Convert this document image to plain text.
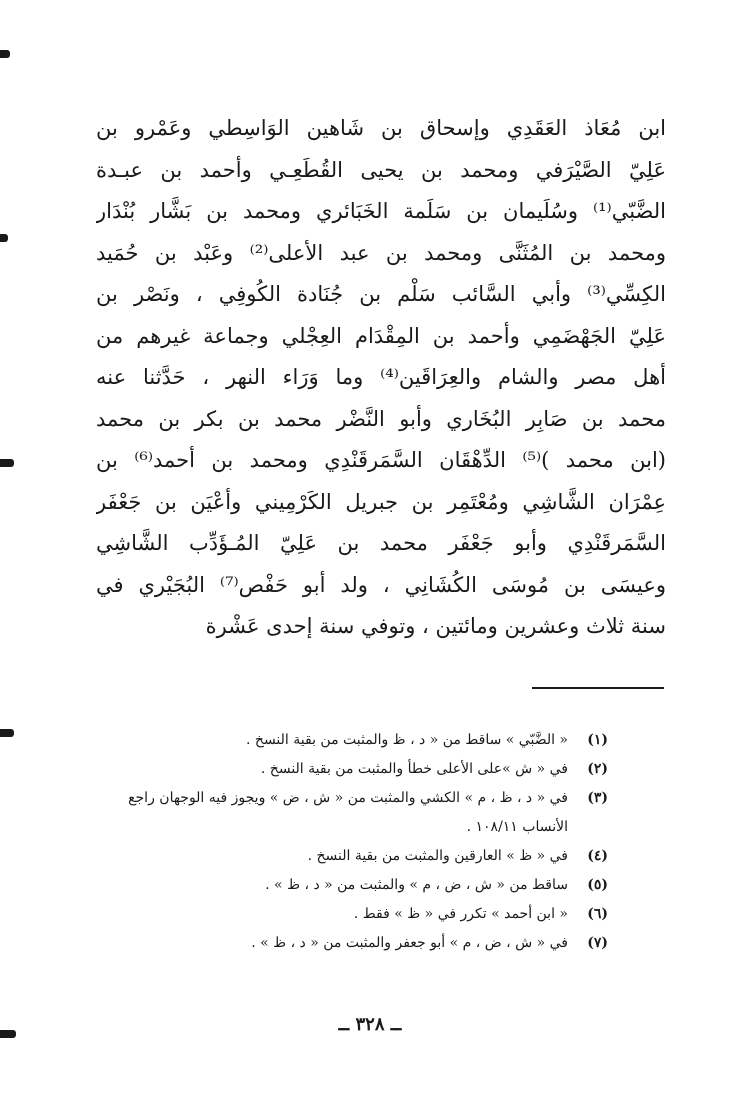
ابن مُعَاذ العَقَدِي وإسحاق بن شَاهين الوَاسِطي وعَمْرو بن
عَلِيّ الصَّيْرَفي ومحمد بن يحيى القُطَعِـي وأحمد بن عبـدة
الضَّبّي⁽¹⁾ وسُلَيمان بن سَلَمة الخَبَائري ومحمد بن بَشَّار بُنْدَار
ومحمد بن المُثَنَّى ومحمد بن عبد الأعلى⁽²⁾ وعَبْد بن حُمَيد
الكِسِّي⁽³⁾ وأبي السَّائب سَلْم بن جُنَادة الكُوفِي ، ونَصْر بن
عَلِيّ الجَهْضَمِي وأحمد بن المِقْدَام العِجْلي وجماعة غيرهم من
أهل مصر والشام والعِرَاقَين⁽⁴⁾ وما وَرَاء النهر ، حَدَّثنا عنه
محمد بن صَابِر البُخَاري وأبو النَّضْر محمد بن بكر بن محمد
(ابن محمد )⁽⁵⁾ الدِّهْقَان السَّمَرقَنْدِي ومحمد بن أحمد⁽⁶⁾ بن
عِمْرَان الشَّاشِي ومُعْتَمِر بن جبريل الكَرْمِيني وأعْيَن بن جَعْفَر
السَّمَرقَنْدِي وأبو جَعْفَر محمد بن عَلِيّ المُـؤَدِّب الشَّاشِي
وعيسَى بن مُوسَى الكُشَانِي ، ولد أبو حَفْص⁽⁷⁾ البُجَيْري في
سنة ثلاث وعشرين ومائتين ، وتوفي سنة إحدى عَشْرة
(١)
« الضَّبّي » ساقط من « د ، ظ والمثبت من بقية النسخ .
(٢)
في « ش »على الأعلى خطأ والمثبت من بقية النسخ .
(٣)
في « د ، ظ ، م » الكشي والمثبت من « ش ، ض » ويجوز فيه الوجهان راجع
الأنساب ١٠٨/١١ .
(٤)
في « ظ » العارقين والمثبت من بقية النسخ .
(٥)
ساقط من « ش ، ض ، م » والمثبت من « د ، ظ » .
(٦)
« ابن أحمد » تكرر في « ظ » فقط .
(٧)
في « ش ، ض ، م » أبو جعفر والمثبت من « د ، ظ » .
ــ ٣٢٨ ــ
